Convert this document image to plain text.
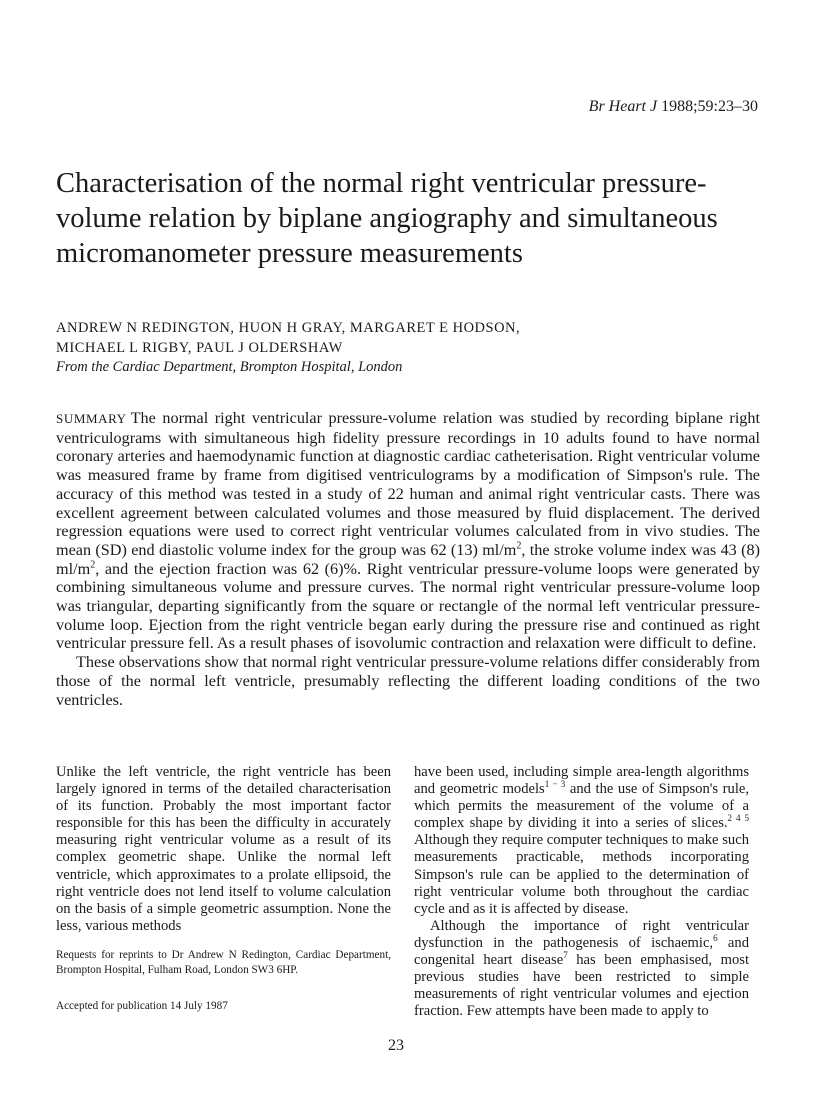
Br Heart J 1988;59:23–30
Characterisation of the normal right ventricular pressure-volume relation by biplane angiography and simultaneous micromanometer pressure measurements
ANDREW N REDINGTON, HUON H GRAY, MARGARET E HODSON,
MICHAEL L RIGBY, PAUL J OLDERSHAW
From the Cardiac Department, Brompton Hospital, London

SUMMARY The normal right ventricular pressure-volume relation was studied by recording biplane right ventriculograms with simultaneous high fidelity pressure recordings in 10 adults found to have normal coronary arteries and haemodynamic function at diagnostic cardiac catheterisation. Right ventricular volume was measured frame by frame from digitised ventriculograms by a modification of Simpson's rule. The accuracy of this method was tested in a study of 22 human and animal right ventricular casts. There was excellent agreement between calculated volumes and those measured by fluid displacement. The derived regression equations were used to correct right ventricular volumes calculated from in vivo studies. The mean (SD) end diastolic volume index for the group was 62 (13) $ml/m^2$, the stroke volume index was 43 (8) $ml/m^2$, and the ejection fraction was 62 (6)%. Right ventricular pressure-volume loops were generated by combining simultaneous volume and pressure curves. The normal right ventricular pressure-volume loop was triangular, departing significantly from the square or rectangle of the normal left ventricular pressure-volume loop. Ejection from the right ventricle began early during the pressure rise and continued as right ventricular pressure fell. As a result phases of isovolumic contraction and relaxation were difficult to define.

These observations show that normal right ventricular pressure-volume relations differ considerably from those of the normal left ventricle, presumably reflecting the different loading conditions of the two ventricles.

Unlike the left ventricle, the right ventricle has been largely ignored in terms of the detailed characterisation of its function. Probably the most important factor responsible for this has been the difficulty in accurately measuring right ventricular volume as a result of its complex geometric shape. Unlike the normal left ventricle, which approximates to a prolate ellipsoid, the right ventricle does not lend itself to volume calculation on the basis of a simple geometric assumption. None the less, various methods

have been used, including simple area-length algorithms and geometric models$^{1 - 3}$ and the use of Simpson's rule, which permits the measurement of the volume of a complex shape by dividing it into a series of slices.$^{2 4 5}$ Although they require computer techniques to make such measurements practicable, methods incorporating Simpson's rule can be applied to the determination of right ventricular volume both throughout the cardiac cycle and as it is affected by disease.

Although the importance of right ventricular dysfunction in the pathogenesis of ischaemic,$^6$ and congenital heart disease$^7$ has been emphasised, most previous studies have been restricted to simple measurements of right ventricular volumes and ejection fraction. Few attempts have been made to apply to

Requests for reprints to Dr Andrew N Redington, Cardiac Department, Brompton Hospital, Fulham Road, London SW3 6HP.
Accepted for publication 14 July 1987
23
